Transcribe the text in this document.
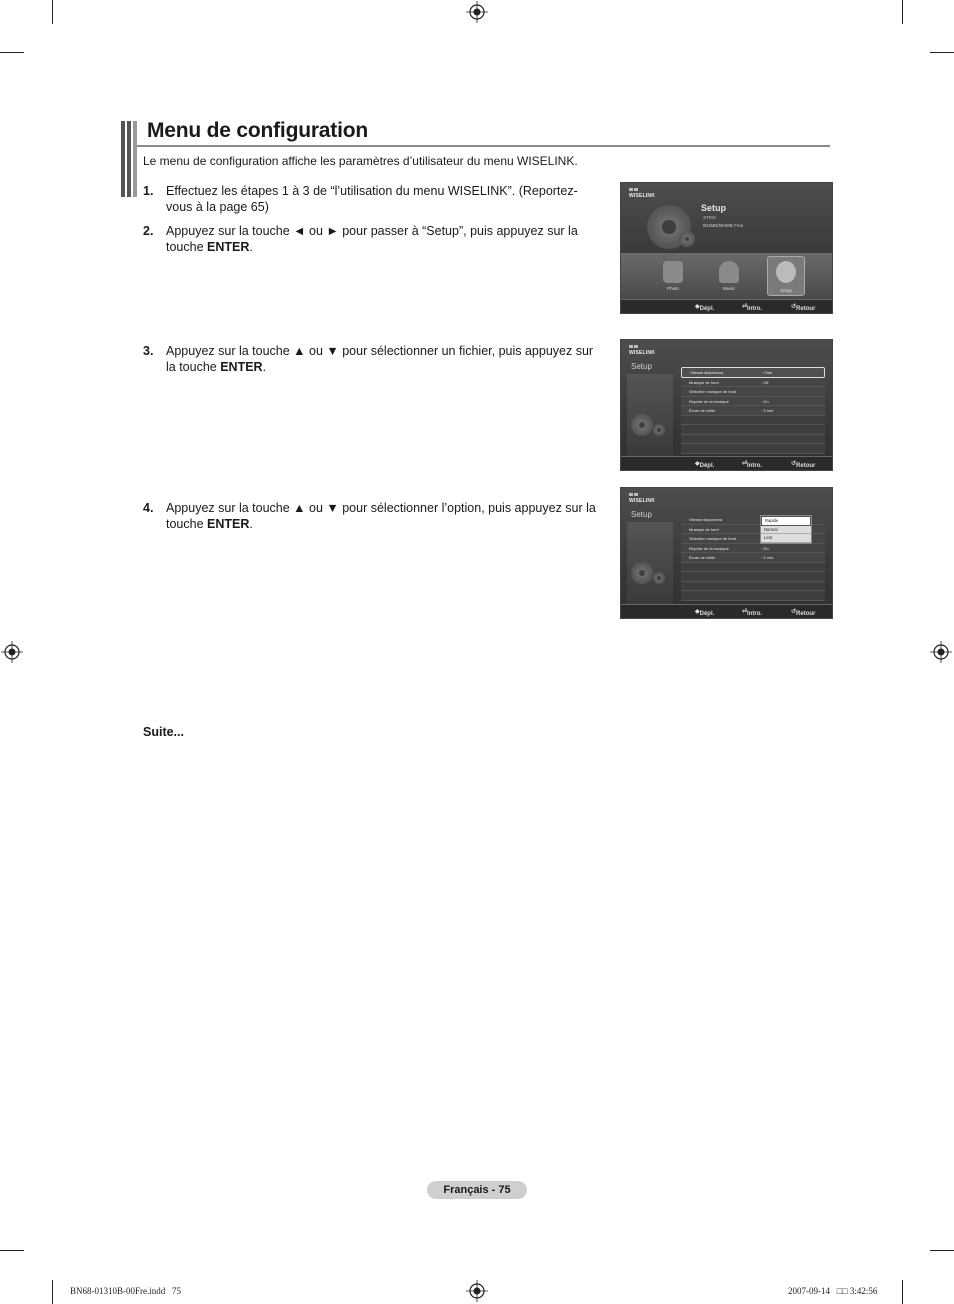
Menu de configuration
Le menu de configuration affiche les paramètres d’utilisateur du menu WISELINK.
1. Effectuez les étapes 1 à 3 de “l’utilisation du menu WISELINK”. (Reportez-vous à la page 65)
2. Appuyez sur la touche ◄ ou ► pour passer à “Setup”, puis appuyez sur la touche ENTER.
3. Appuyez sur la touche ▲ ou ▼ pour sélectionner un fichier, puis appuyez sur la touche ENTER.
4. Appuyez sur la touche ▲ ou ▼ pour sélectionner l’option, puis appuyez sur la touche ENTER.
Suite...

WISELINK
Setup
XTICK
801MB/994MB Free
Photo	Music	Setup
◆ Dépl.	⏎ Intro.	↺ Retour

WISELINK
Setup
Vitesse diaporama	: Fast
Musique de fond	: Off
Sélection musique de fond	:
Reprise de la musique	: On
Écran de veille	: 3 min.
◆ Dépl.	⏎ Intro.	↺ Retour

WISELINK
Setup
Vitesse diaporama
Musique de fond
Sélection musique de fond
Reprise de la musique	: On
Écran de veille	: 3 min.
Rapide
Normal
Lent
◆ Dépl.	⏎ Intro.	↺ Retour
Français - 75
BN68-01310B-00Fre.indd   75	2007-09-14   □□ 3:42:56
